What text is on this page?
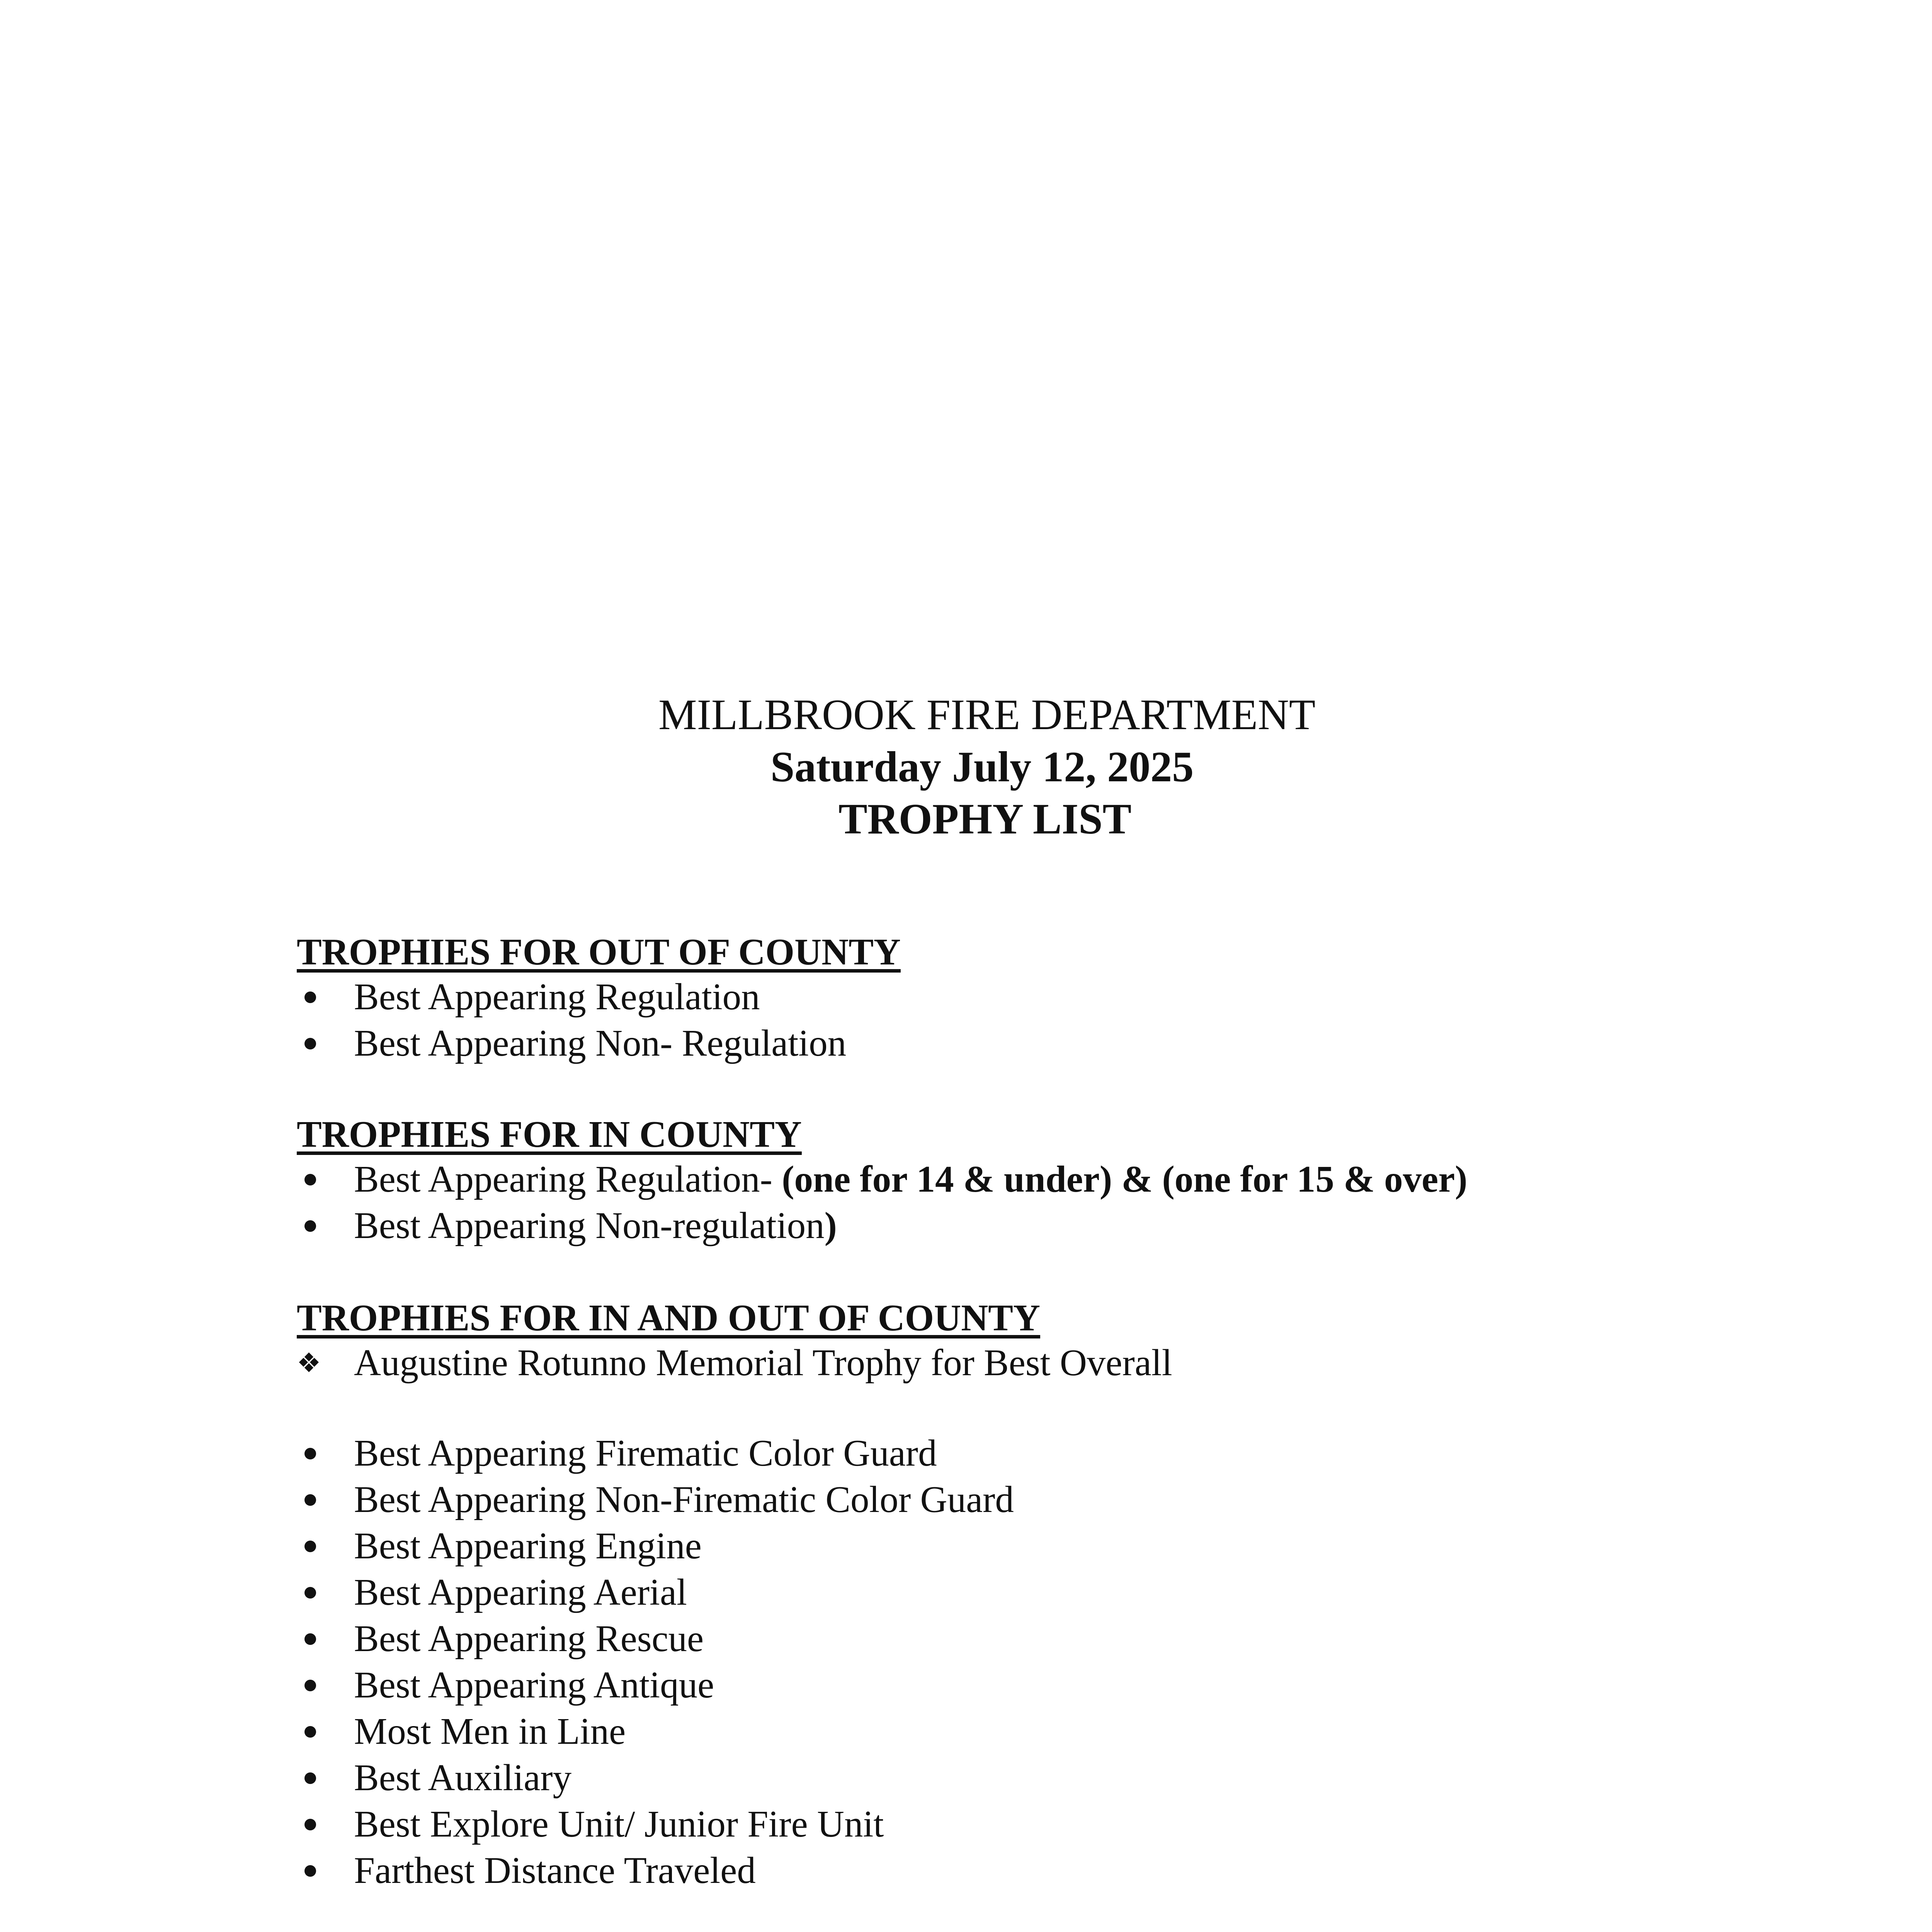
MILLBROOK FIRE DEPARTMENT
Saturday July 12, 2025
TROPHY LIST
TROPHIES FOR OUT OF COUNTY
Best Appearing Regulation
Best Appearing Non- Regulation
TROPHIES FOR IN COUNTY
Best Appearing Regulation- (one for 14 & under) & (one for 15 & over)
Best Appearing Non-regulation)
TROPHIES FOR IN AND OUT OF COUNTY
❖ Augustine Rotunno Memorial Trophy for Best Overall
Best Appearing Firematic Color Guard
Best Appearing Non-Firematic Color Guard
Best Appearing Engine
Best Appearing Aerial
Best Appearing Rescue
Best Appearing Antique
Most Men in Line
Best Auxiliary
Best Explore Unit/ Junior Fire Unit
Farthest Distance Traveled
